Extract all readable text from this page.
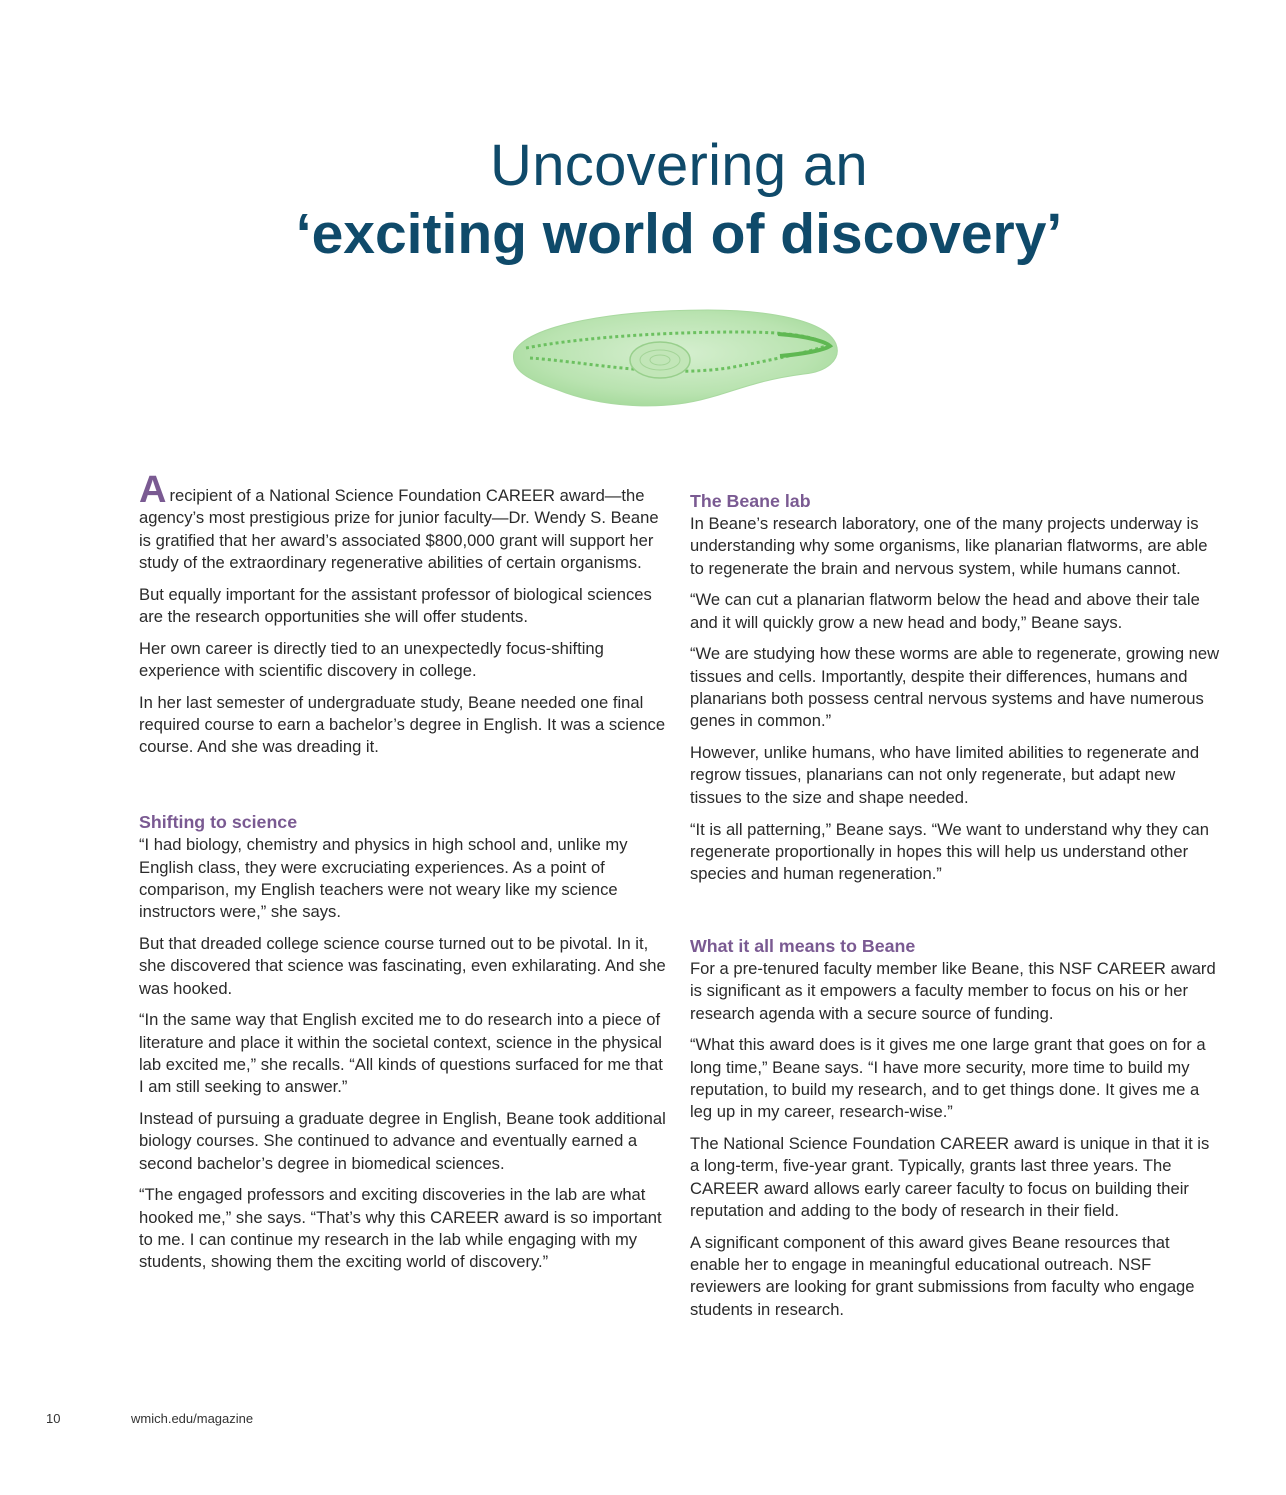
Uncovering an
‘exciting world of discovery’

Arecipient of a National Science Foundation CAREER award—the agency’s most prestigious prize for junior faculty—Dr. Wendy S. Beane is gratified that her award’s associated $800,000 grant will support her study of the extraordinary regenerative abilities of certain organisms.

But equally important for the assistant professor of biological sciences are the research opportunities she will offer students.

Her own career is directly tied to an unexpectedly focus-shifting experience with scientific discovery in college.

In her last semester of undergraduate study, Beane needed one final required course to earn a bachelor’s degree in English. It was a science course. And she was dreading it.

Shifting to science

“I had biology, chemistry and physics in high school and, unlike my English class, they were excruciating experiences. As a point of comparison, my English teachers were not weary like my science instructors were,” she says.

But that dreaded college science course turned out to be pivotal. In it, she discovered that science was fascinating, even exhilarating. And she was hooked.

“In the same way that English excited me to do research into a piece of literature and place it within the societal context, science in the physical lab excited me,” she recalls. “All kinds of questions surfaced for me that I am still seeking to answer.”

Instead of pursuing a graduate degree in English, Beane took additional biology courses. She continued to advance and eventually earned a second bachelor’s degree in biomedical sciences.

“The engaged professors and exciting discoveries in the lab are what hooked me,” she says. “That’s why this CAREER award is so important to me. I can continue my research in the lab while engaging with my students, showing them the exciting world of discovery.”

The Beane lab

In Beane’s research laboratory, one of the many projects underway is understanding why some organisms, like planarian flatworms, are able to regenerate the brain and nervous system, while humans cannot.

“We can cut a planarian flatworm below the head and above their tale and it will quickly grow a new head and body,” Beane says.

“We are studying how these worms are able to regenerate, growing new tissues and cells. Importantly, despite their differences, humans and planarians both possess central nervous systems and have numerous genes in common.”

However, unlike humans, who have limited abilities to regenerate and regrow tissues, planarians can not only regenerate, but adapt new tissues to the size and shape needed.

“It is all patterning,” Beane says. “We want to understand why they can regenerate proportionally in hopes this will help us understand other species and human regeneration.”

What it all means to Beane

For a pre-tenured faculty member like Beane, this NSF CAREER award is significant as it empowers a faculty member to focus on his or her research agenda with a secure source of funding.

“What this award does is it gives me one large grant that goes on for a long time,” Beane says. “I have more security, more time to build my reputation, to build my research, and to get things done. It gives me a leg up in my career, research-wise.”

The National Science Foundation CAREER award is unique in that it is a long-term, five-year grant. Typically, grants last three years. The CAREER award allows early career faculty to focus on building their reputation and adding to the body of research in their field.

A significant component of this award gives Beane resources that enable her to engage in meaningful educational outreach. NSF reviewers are looking for grant submissions from faculty who engage students in research.

10	wmich.edu/magazine
